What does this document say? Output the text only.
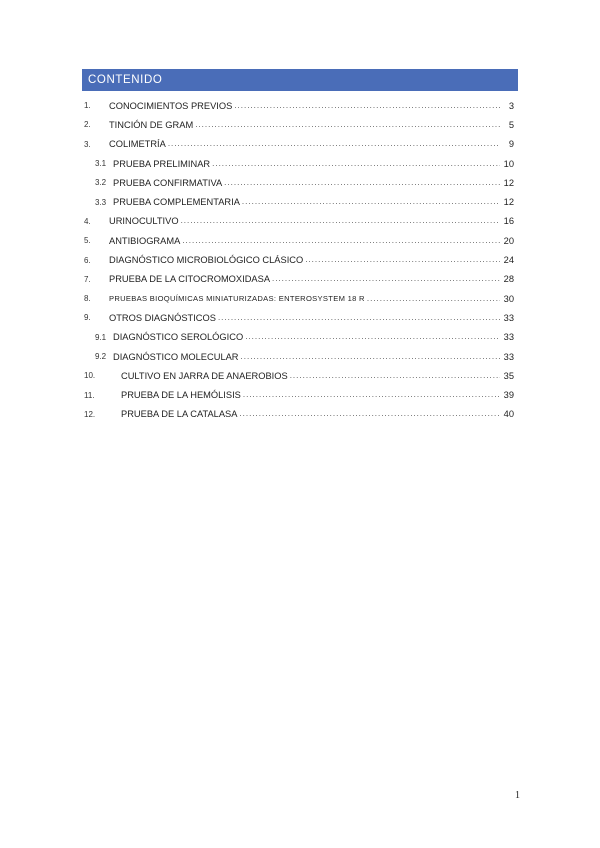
CONTENIDO
1.	CONOCIMIENTOS PREVIOS .....	3
2.	TINCIÓN DE GRAM .....	5
3.	COLIMETRÍA .....	9
3.1 PRUEBA PRELIMINAR .....	10
3.2 PRUEBA CONFIRMATIVA .....	12
3.3 PRUEBA COMPLEMENTARIA .....	12
4.	URINOCULTIVO .....	16
5.	ANTIBIOGRAMA .....	20
6.	DIAGNÓSTICO MICROBIOLÓGICO CLÁSICO .....	24
7.	PRUEBA DE LA CITOCROMOXIDASA .....	28
8.	PRUEBAS BIOQUÍMICAS MINIATURIZADAS: ENTEROSYSTEM 18 R .....	30
9.	OTROS DIAGNÓSTICOS .....	33
9.1 DIAGNÓSTICO SEROLÓGICO .....	33
9.2 DIAGNÓSTICO MOLECULAR .....	33
10.	CULTIVO EN JARRA DE ANAEROBIOS .....	35
11.	PRUEBA DE LA HEMÓLISIS .....	39
12.	PRUEBA DE LA CATALASA .....	40
1
